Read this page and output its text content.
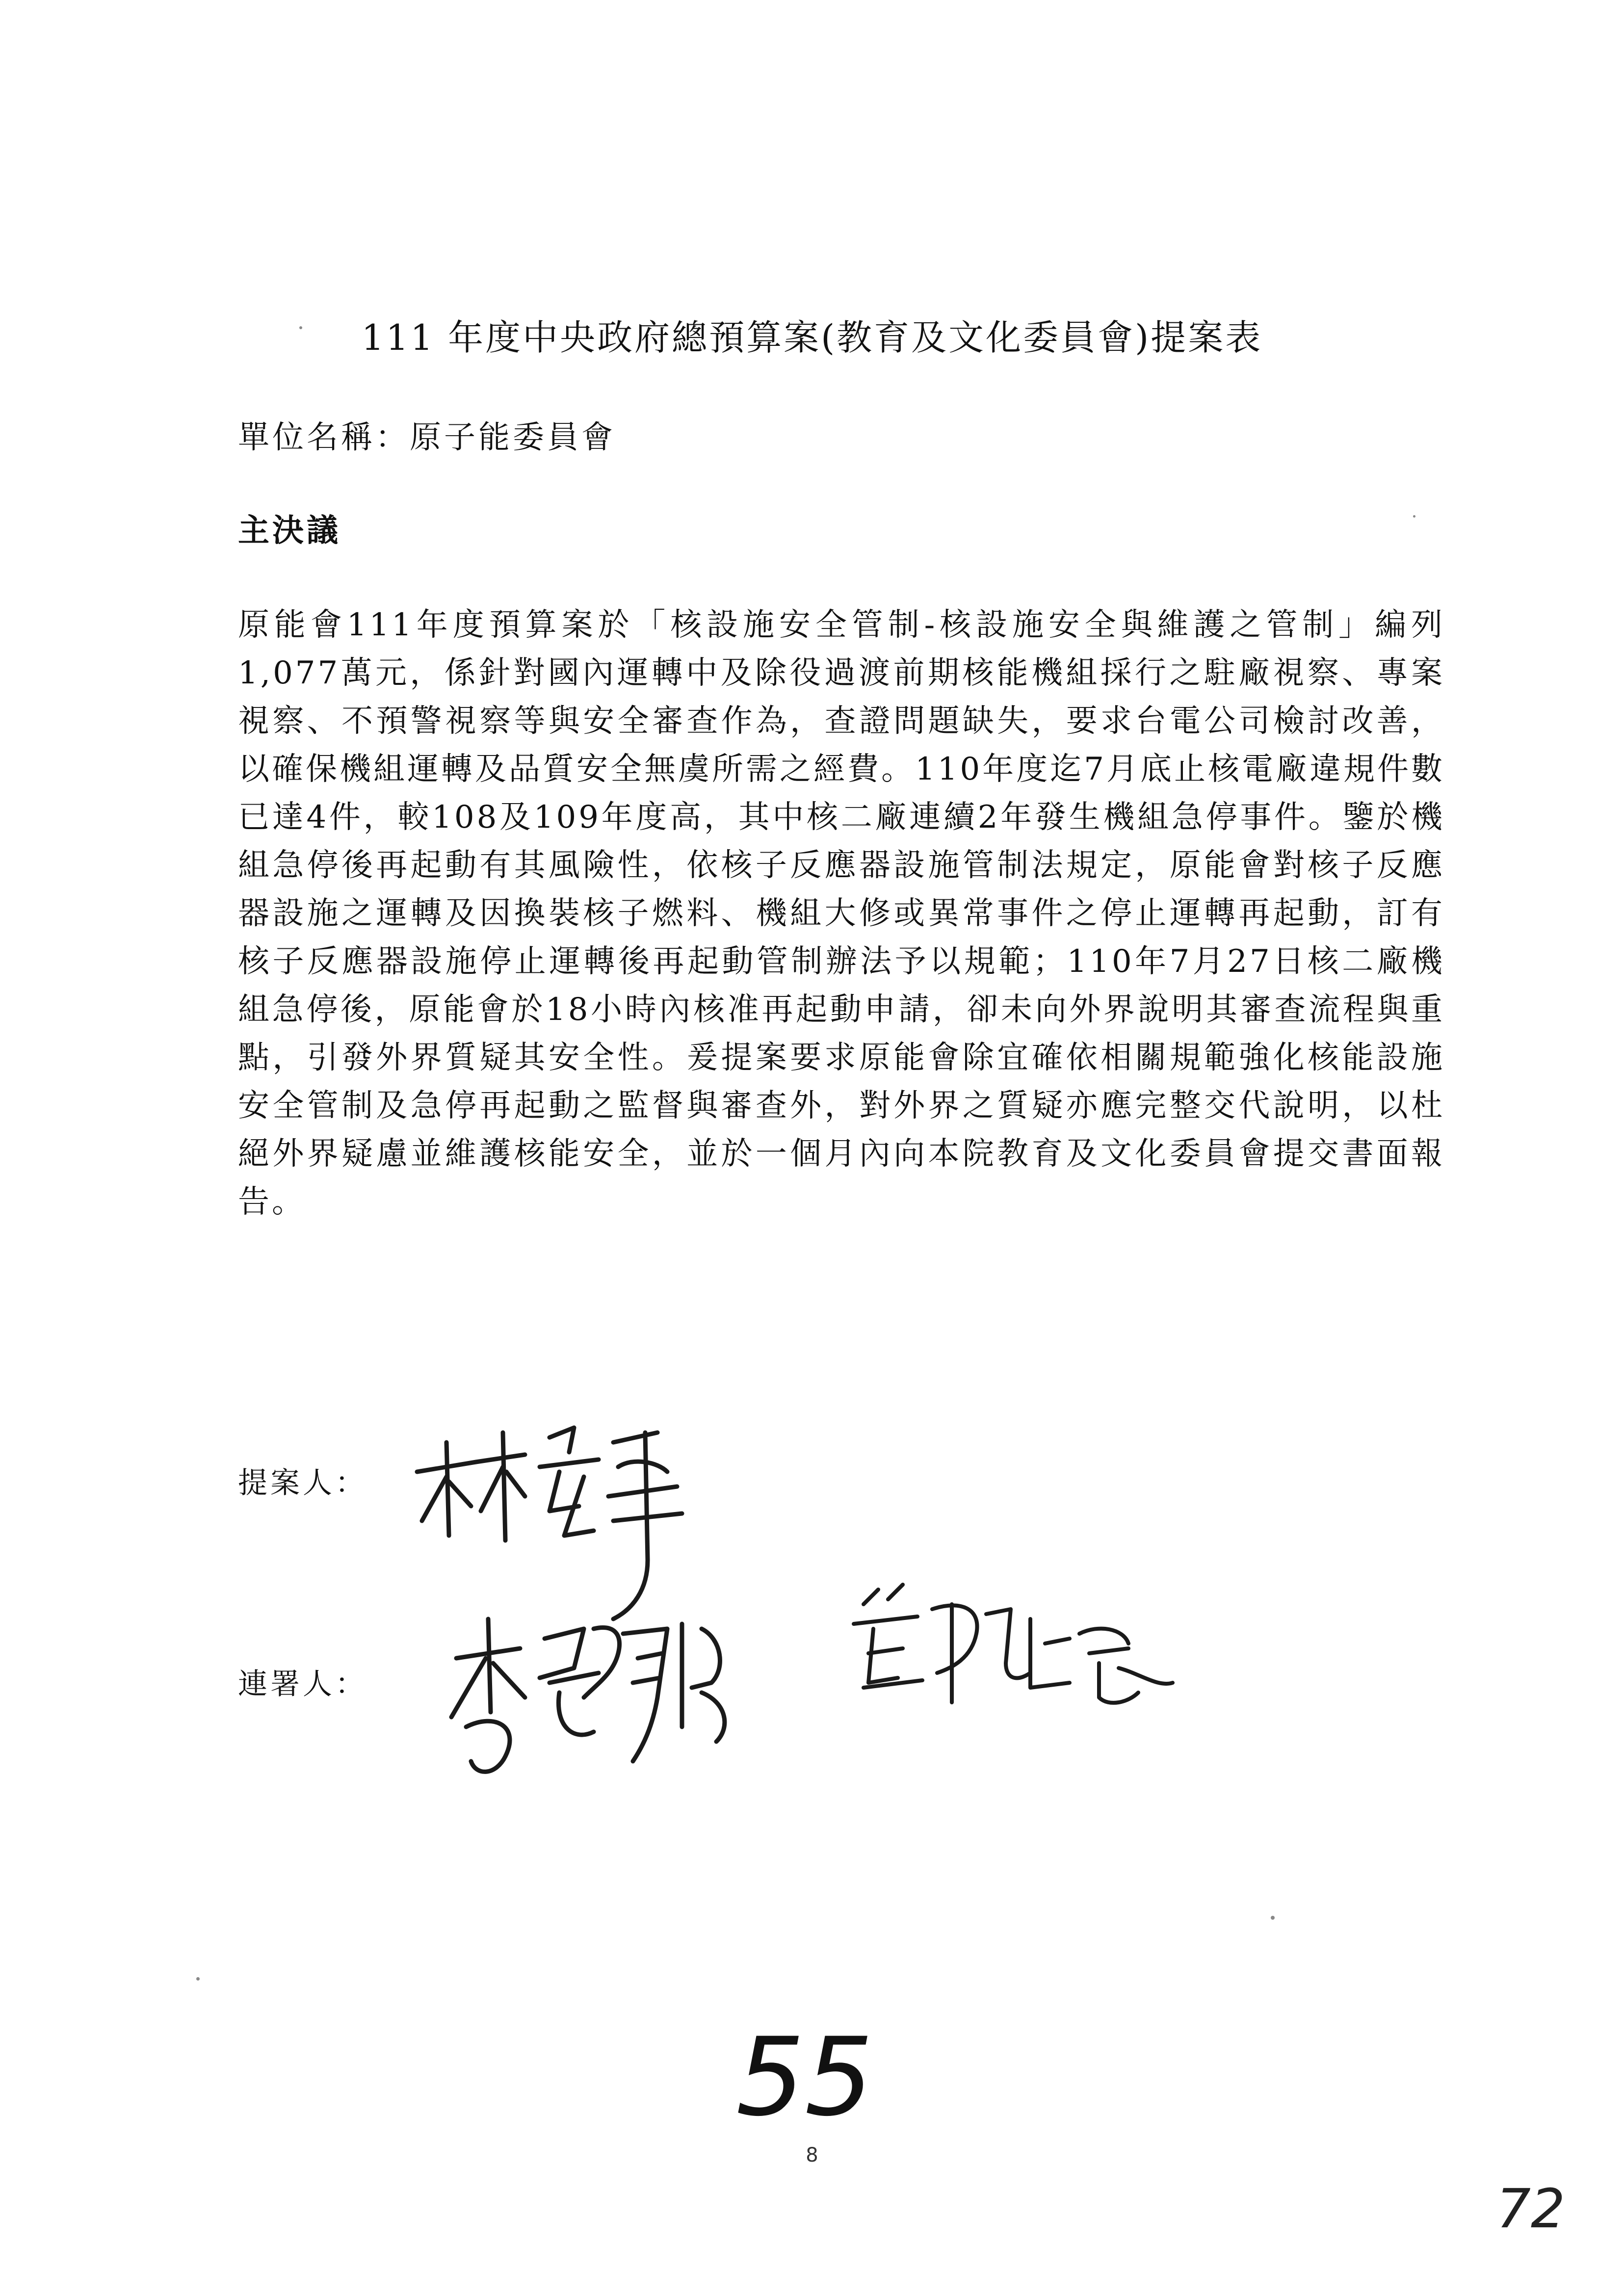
111 年度中央政府總預算案(教育及文化委員會)提案表
單位名稱：原子能委員會
主決議
原能會111年度預算案於「核設施安全管制-核設施安全與維護之管制」編列1,077萬元，係針對國內運轉中及除役過渡前期核能機組採行之駐廠視察、專案視察、不預警視察等與安全審查作為，查證問題缺失，要求台電公司檢討改善，以確保機組運轉及品質安全無虞所需之經費。110年度迄7月底止核電廠違規件數已達4件，較108及109年度高，其中核二廠連續2年發生機組急停事件。鑒於機組急停後再起動有其風險性，依核子反應器設施管制法規定，原能會對核子反應器設施之運轉及因換裝核子燃料、機組大修或異常事件之停止運轉再起動，訂有核子反應器設施停止運轉後再起動管制辦法予以規範；110年7月27日核二廠機組急停後，原能會於18小時內核准再起動申請，卻未向外界說明其審查流程與重點，引發外界質疑其安全性。爰提案要求原能會除宜確依相關規範強化核能設施安全管制及急停再起動之監督與審查外，對外界之質疑亦應完整交代說明，以杜絕外界疑慮並維護核能安全，並於一個月內向本院教育及文化委員會提交書面報告。
提案人：
連署人：
55
8
72
